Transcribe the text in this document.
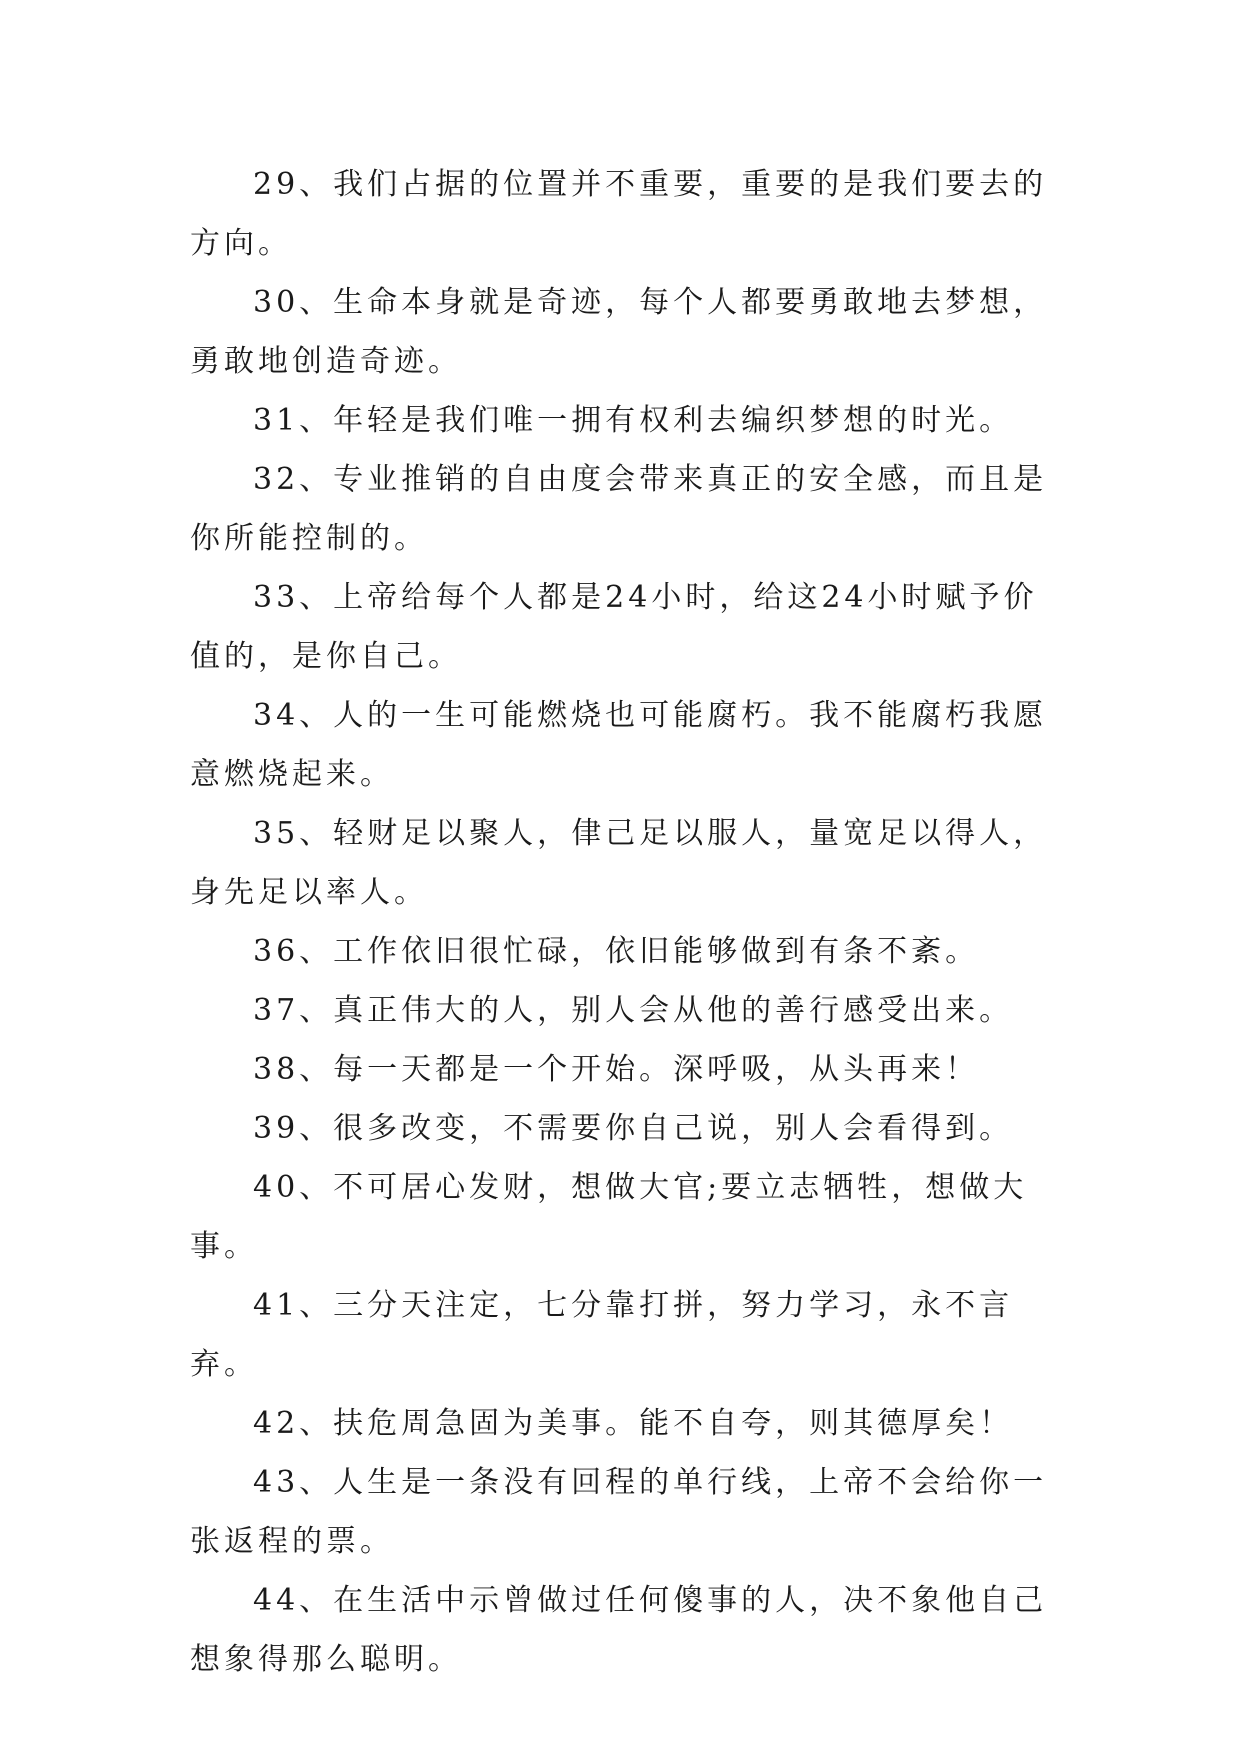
29、我们占据的位置并不重要，重要的是我们要去的方向。

30、生命本身就是奇迹，每个人都要勇敢地去梦想，勇敢地创造奇迹。

31、年轻是我们唯一拥有权利去编织梦想的时光。

32、专业推销的自由度会带来真正的安全感，而且是你所能控制的。

33、上帝给每个人都是24小时，给这24小时赋予价值的，是你自己。

34、人的一生可能燃烧也可能腐朽。我不能腐朽我愿意燃烧起来。

35、轻财足以聚人，侓己足以服人，量宽足以得人，身先足以率人。

36、工作依旧很忙碌，依旧能够做到有条不紊。

37、真正伟大的人，别人会从他的善行感受出来。

38、每一天都是一个开始。深呼吸，从头再来！

39、很多改变，不需要你自己说，别人会看得到。

40、不可居心发财，想做大官;要立志牺牲，想做大事。

41、三分天注定，七分靠打拼，努力学习，永不言弃。

42、扶危周急固为美事。能不自夸，则其德厚矣！

43、人生是一条没有回程的单行线，上帝不会给你一张返程的票。

44、在生活中示曾做过任何傻事的人，决不象他自己想象得那么聪明。
